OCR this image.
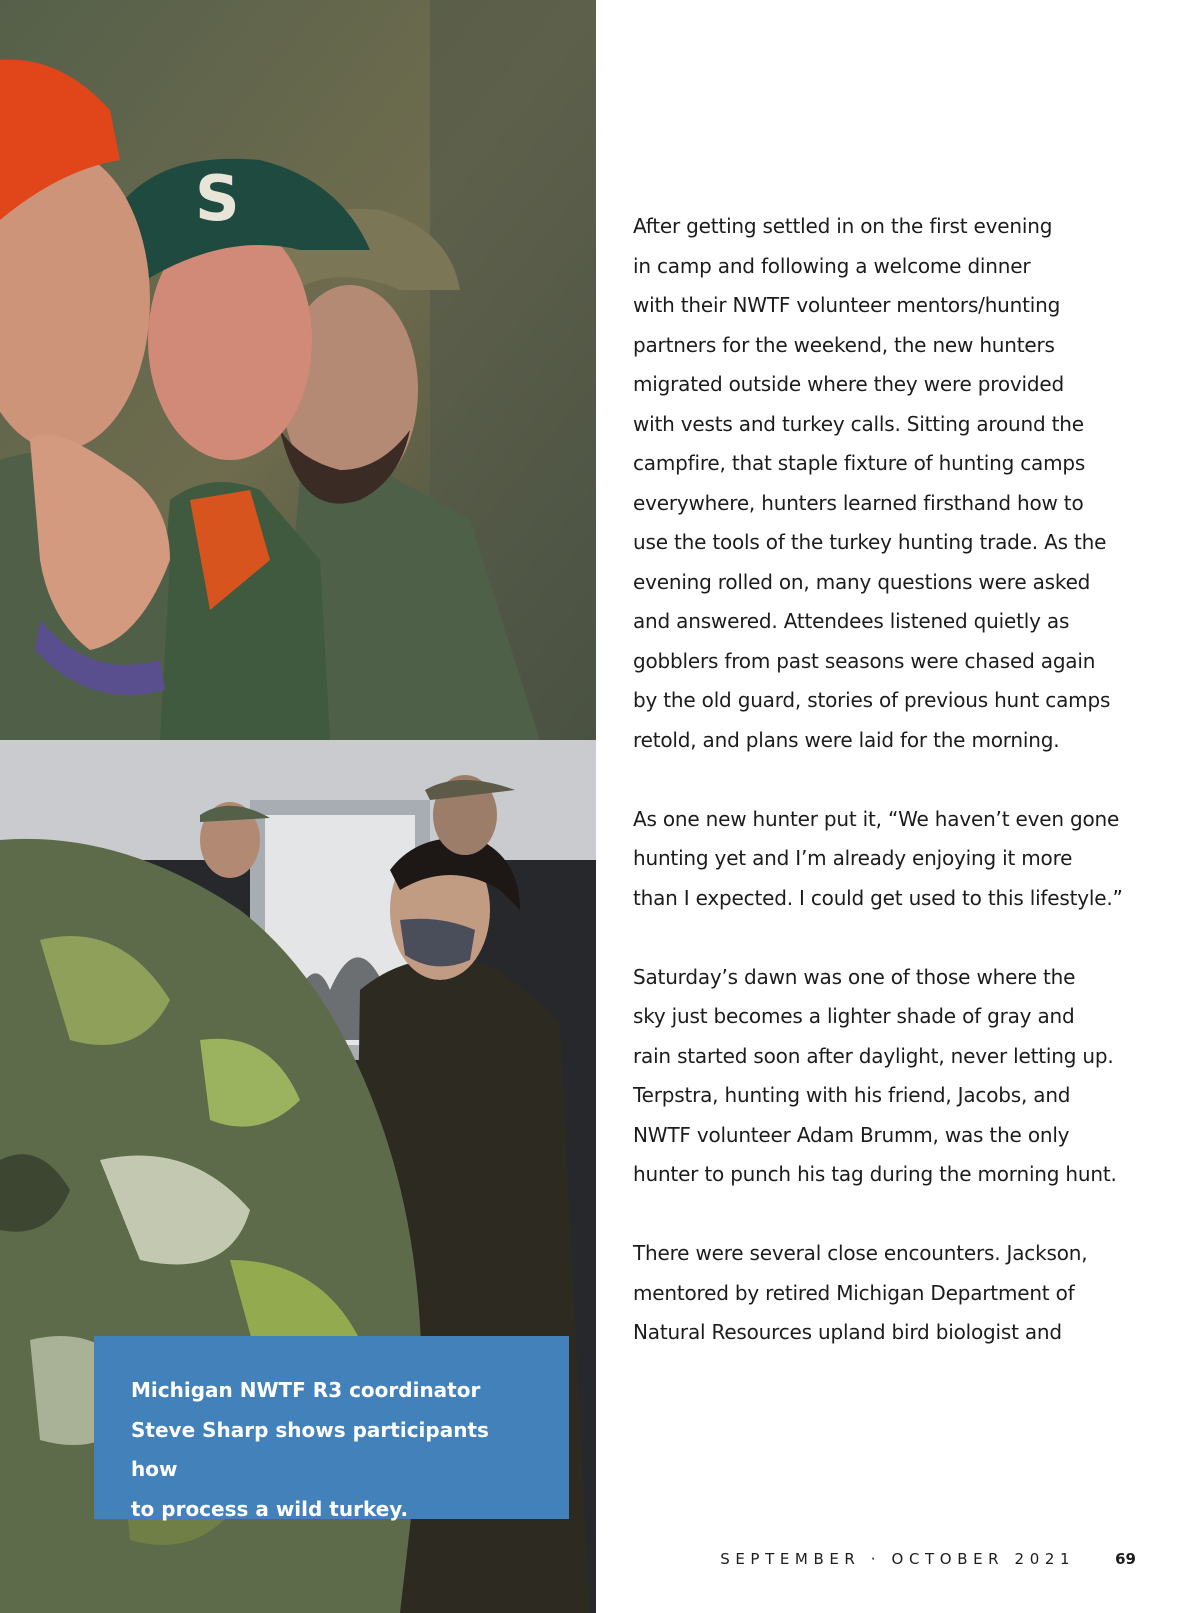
S

Michigan NWTF R3 coordinator
Steve Sharp shows participants how
to process a wild turkey.

After getting settled in on the first evening
in camp and following a welcome dinner
with their NWTF volunteer mentors/hunting
partners for the weekend, the new hunters
migrated outside where they were provided
with vests and turkey calls. Sitting around the
campfire, that staple fixture of hunting camps
everywhere, hunters learned firsthand how to
use the tools of the turkey hunting trade. As the
evening rolled on, many questions were asked
and answered. Attendees listened quietly as
gobblers from past seasons were chased again
by the old guard, stories of previous hunt camps
retold, and plans were laid for the morning.

As one new hunter put it, “We haven’t even gone
hunting yet and I’m already enjoying it more
than I expected. I could get used to this lifestyle.”

Saturday’s dawn was one of those where the
sky just becomes a lighter shade of gray and
rain started soon after daylight, never letting up.
Terpstra, hunting with his friend, Jacobs, and
NWTF volunteer Adam Brumm, was the only
hunter to punch his tag during the morning hunt.

There were several close encounters. Jackson,
mentored by retired Michigan Department of
Natural Resources upland bird biologist and

SEPTEMBER · OCTOBER 2021	69
